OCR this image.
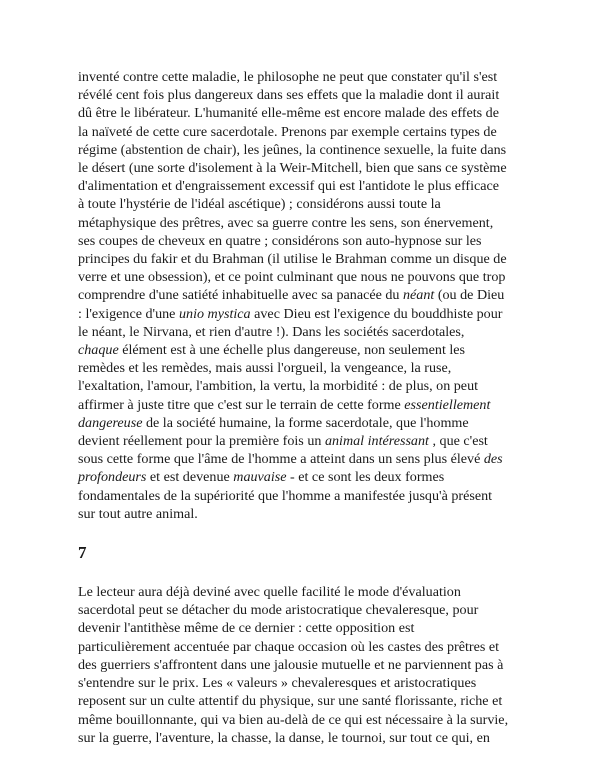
inventé contre cette maladie, le philosophe ne peut que constater qu'il s'est
révélé cent fois plus dangereux dans ses effets que la maladie dont il aurait
dû être le libérateur. L'humanité elle-même est encore malade des effets de
la naïveté de cette cure sacerdotale. Prenons par exemple certains types de
régime (abstention de chair), les jeûnes, la continence sexuelle, la fuite dans
le désert (une sorte d'isolement à la Weir-Mitchell, bien que sans ce système
d'alimentation et d'engraissement excessif qui est l'antidote le plus efficace
à toute l'hystérie de l'idéal ascétique) ; considérons aussi toute la
métaphysique des prêtres, avec sa guerre contre les sens, son énervement,
ses coupes de cheveux en quatre ; considérons son auto-hypnose sur les
principes du fakir et du Brahman (il utilise le Brahman comme un disque de
verre et une obsession), et ce point culminant que nous ne pouvons que trop
comprendre d'une satiété inhabituelle avec sa panacée du néant (ou de Dieu
: l'exigence d'une unio mystica avec Dieu est l'exigence du bouddhiste pour
le néant, le Nirvana, et rien d'autre !). Dans les sociétés sacerdotales,
chaque élément est à une échelle plus dangereuse, non seulement les
remèdes et les remèdes, mais aussi l'orgueil, la vengeance, la ruse,
l'exaltation, l'amour, l'ambition, la vertu, la morbidité : de plus, on peut
affirmer à juste titre que c'est sur le terrain de cette forme essentiellement
dangereuse de la société humaine, la forme sacerdotale, que l'homme
devient réellement pour la première fois un animal intéressant , que c'est
sous cette forme que l'âme de l'homme a atteint dans un sens plus élevé des
profondeurs et est devenue mauvaise - et ce sont les deux formes
fondamentales de la supériorité que l'homme a manifestée jusqu'à présent
sur tout autre animal.

7

Le lecteur aura déjà deviné avec quelle facilité le mode d'évaluation
sacerdotal peut se détacher du mode aristocratique chevaleresque, pour
devenir l'antithèse même de ce dernier : cette opposition est
particulièrement accentuée par chaque occasion où les castes des prêtres et
des guerriers s'affrontent dans une jalousie mutuelle et ne parviennent pas à
s'entendre sur le prix. Les « valeurs » chevaleresques et aristocratiques
reposent sur un culte attentif du physique, sur une santé florissante, riche et
même bouillonnante, qui va bien au-delà de ce qui est nécessaire à la survie,
sur la guerre, l'aventure, la chasse, la danse, le tournoi, sur tout ce qui, en
